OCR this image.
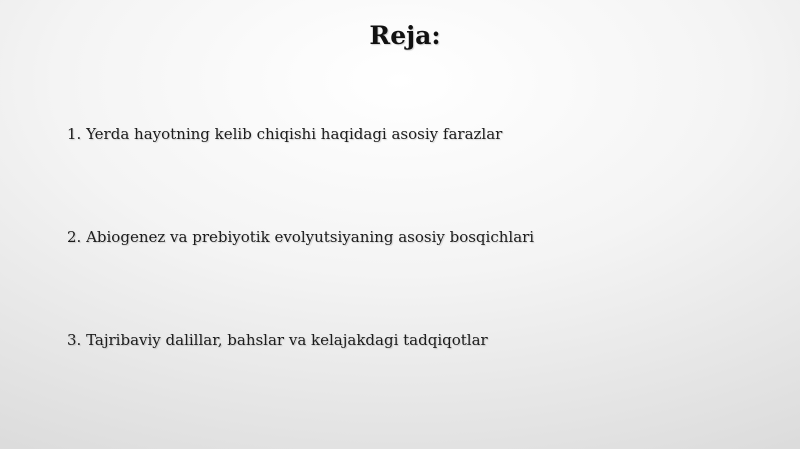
Reja:
1. Yerda hayotning kelib chiqishi haqidagi asosiy farazlar
2. Abiogenez va prebiyotik evolyutsiyaning asosiy bosqichlari
3. Tajribaviy dalillar, bahslar va kelajakdagi tadqiqotlar
